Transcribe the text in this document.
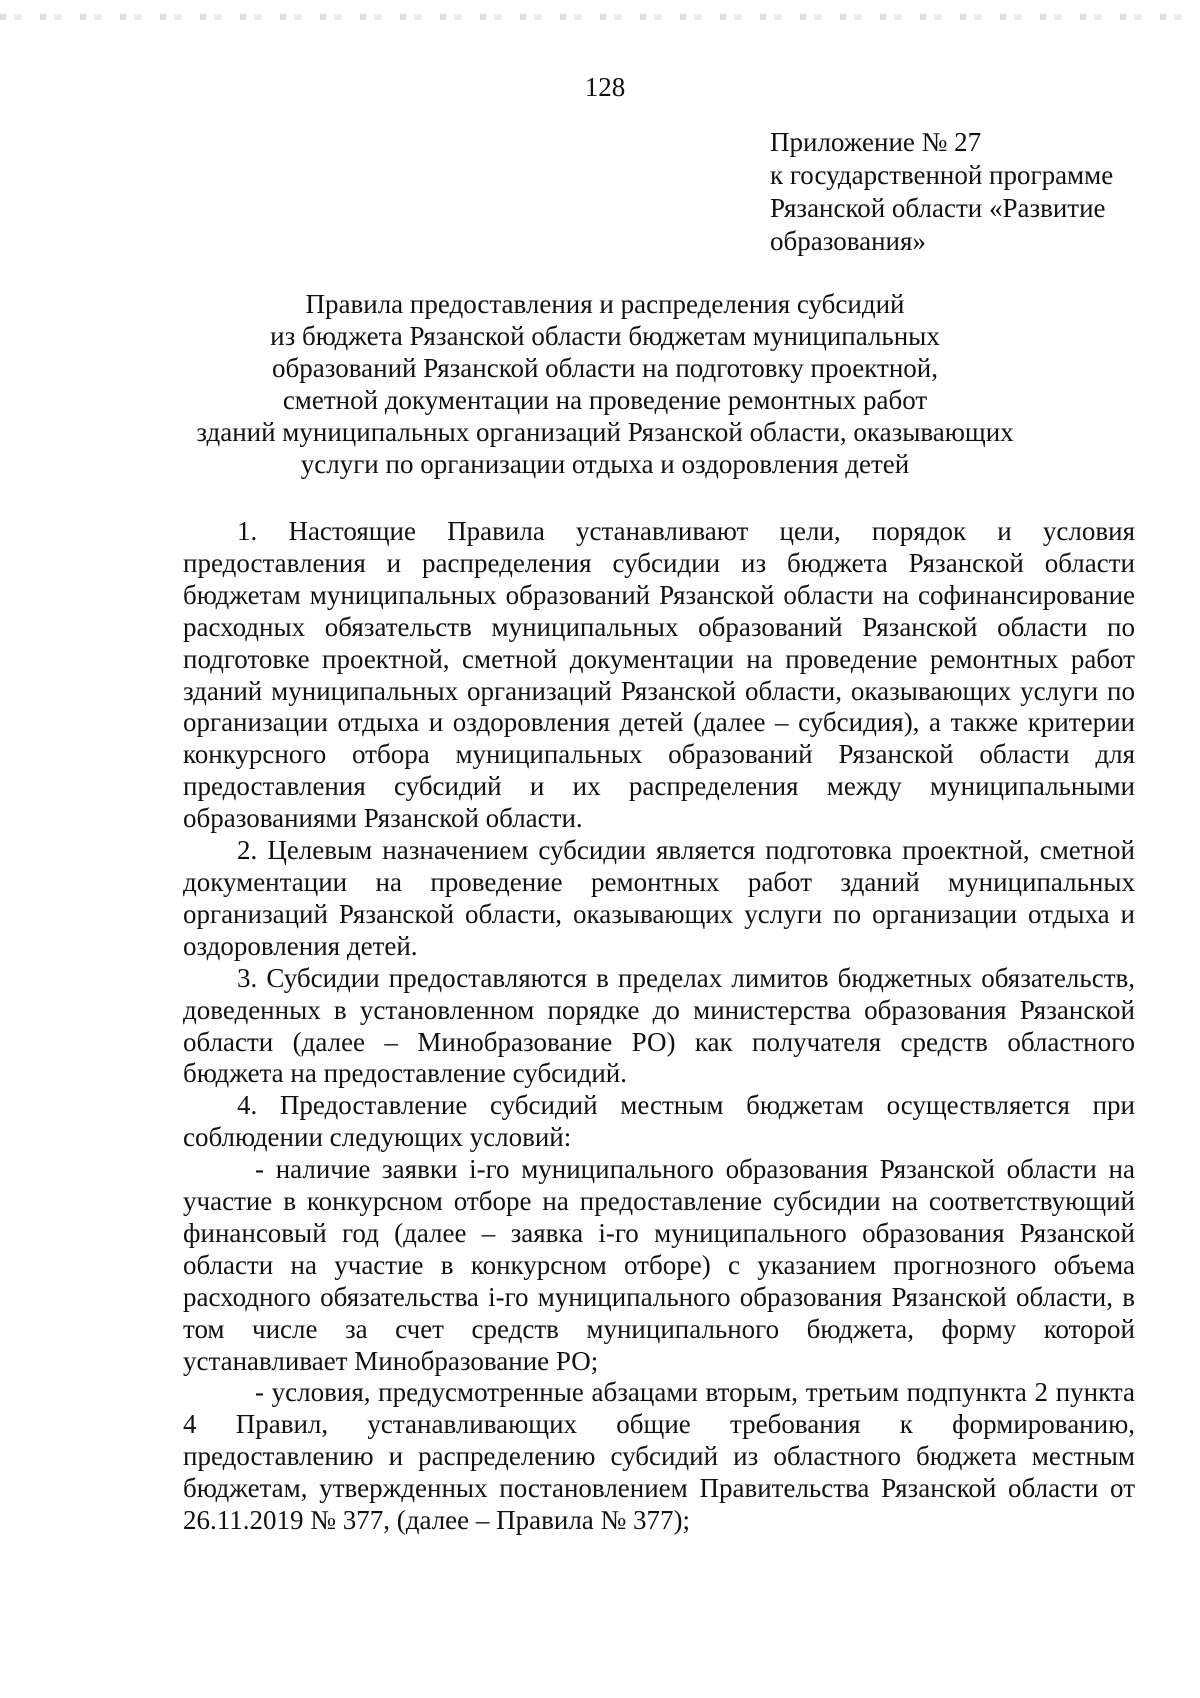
128
Приложение № 27
к государственной программе
Рязанской области «Развитие
образования»
Правила предоставления и распределения субсидий
из бюджета Рязанской области бюджетам муниципальных
образований Рязанской области на подготовку проектной,
сметной документации на проведение ремонтных работ
зданий муниципальных организаций Рязанской области, оказывающих
услуги по организации отдыха и оздоровления детей

1. Настоящие Правила устанавливают цели, порядок и условия предоставления и распределения субсидии из бюджета Рязанской области бюджетам муниципальных образований Рязанской области на софинансирование расходных обязательств муниципальных образований Рязанской области по подготовке проектной, сметной документации на проведение ремонтных работ зданий муниципальных организаций Рязанской области, оказывающих услуги по организации отдыха и оздоровления детей (далее – субсидия), а также критерии конкурсного отбора муниципальных образований Рязанской области для предоставления субсидий и их распределения между муниципальными образованиями Рязанской области.

2. Целевым назначением субсидии является подготовка проектной, сметной документации на проведение ремонтных работ зданий муниципальных организаций Рязанской области, оказывающих услуги по организации отдыха и оздоровления детей.

3. Субсидии предоставляются в пределах лимитов бюджетных обязательств, доведенных в установленном порядке до министерства образования Рязанской области (далее – Минобразование РО) как получателя средств областного бюджета на предоставление субсидий.

4. Предоставление субсидий местным бюджетам осуществляется при соблюдении следующих условий:

- наличие заявки i-го муниципального образования Рязанской области на участие в конкурсном отборе на предоставление субсидии на соответствующий финансовый год (далее – заявка i-го муниципального образования Рязанской области на участие в конкурсном отборе) с указанием прогнозного объема расходного обязательства i-го муниципального образования Рязанской области, в том числе за счет средств муниципального бюджета, форму которой устанавливает Минобразование РО;

- условия, предусмотренные абзацами вторым, третьим подпункта 2 пункта 4 Правил, устанавливающих общие требования к формированию, предоставлению и распределению субсидий из областного бюджета местным бюджетам, утвержденных постановлением Правительства Рязанской области от 26.11.2019 № 377, (далее – Правила № 377);
